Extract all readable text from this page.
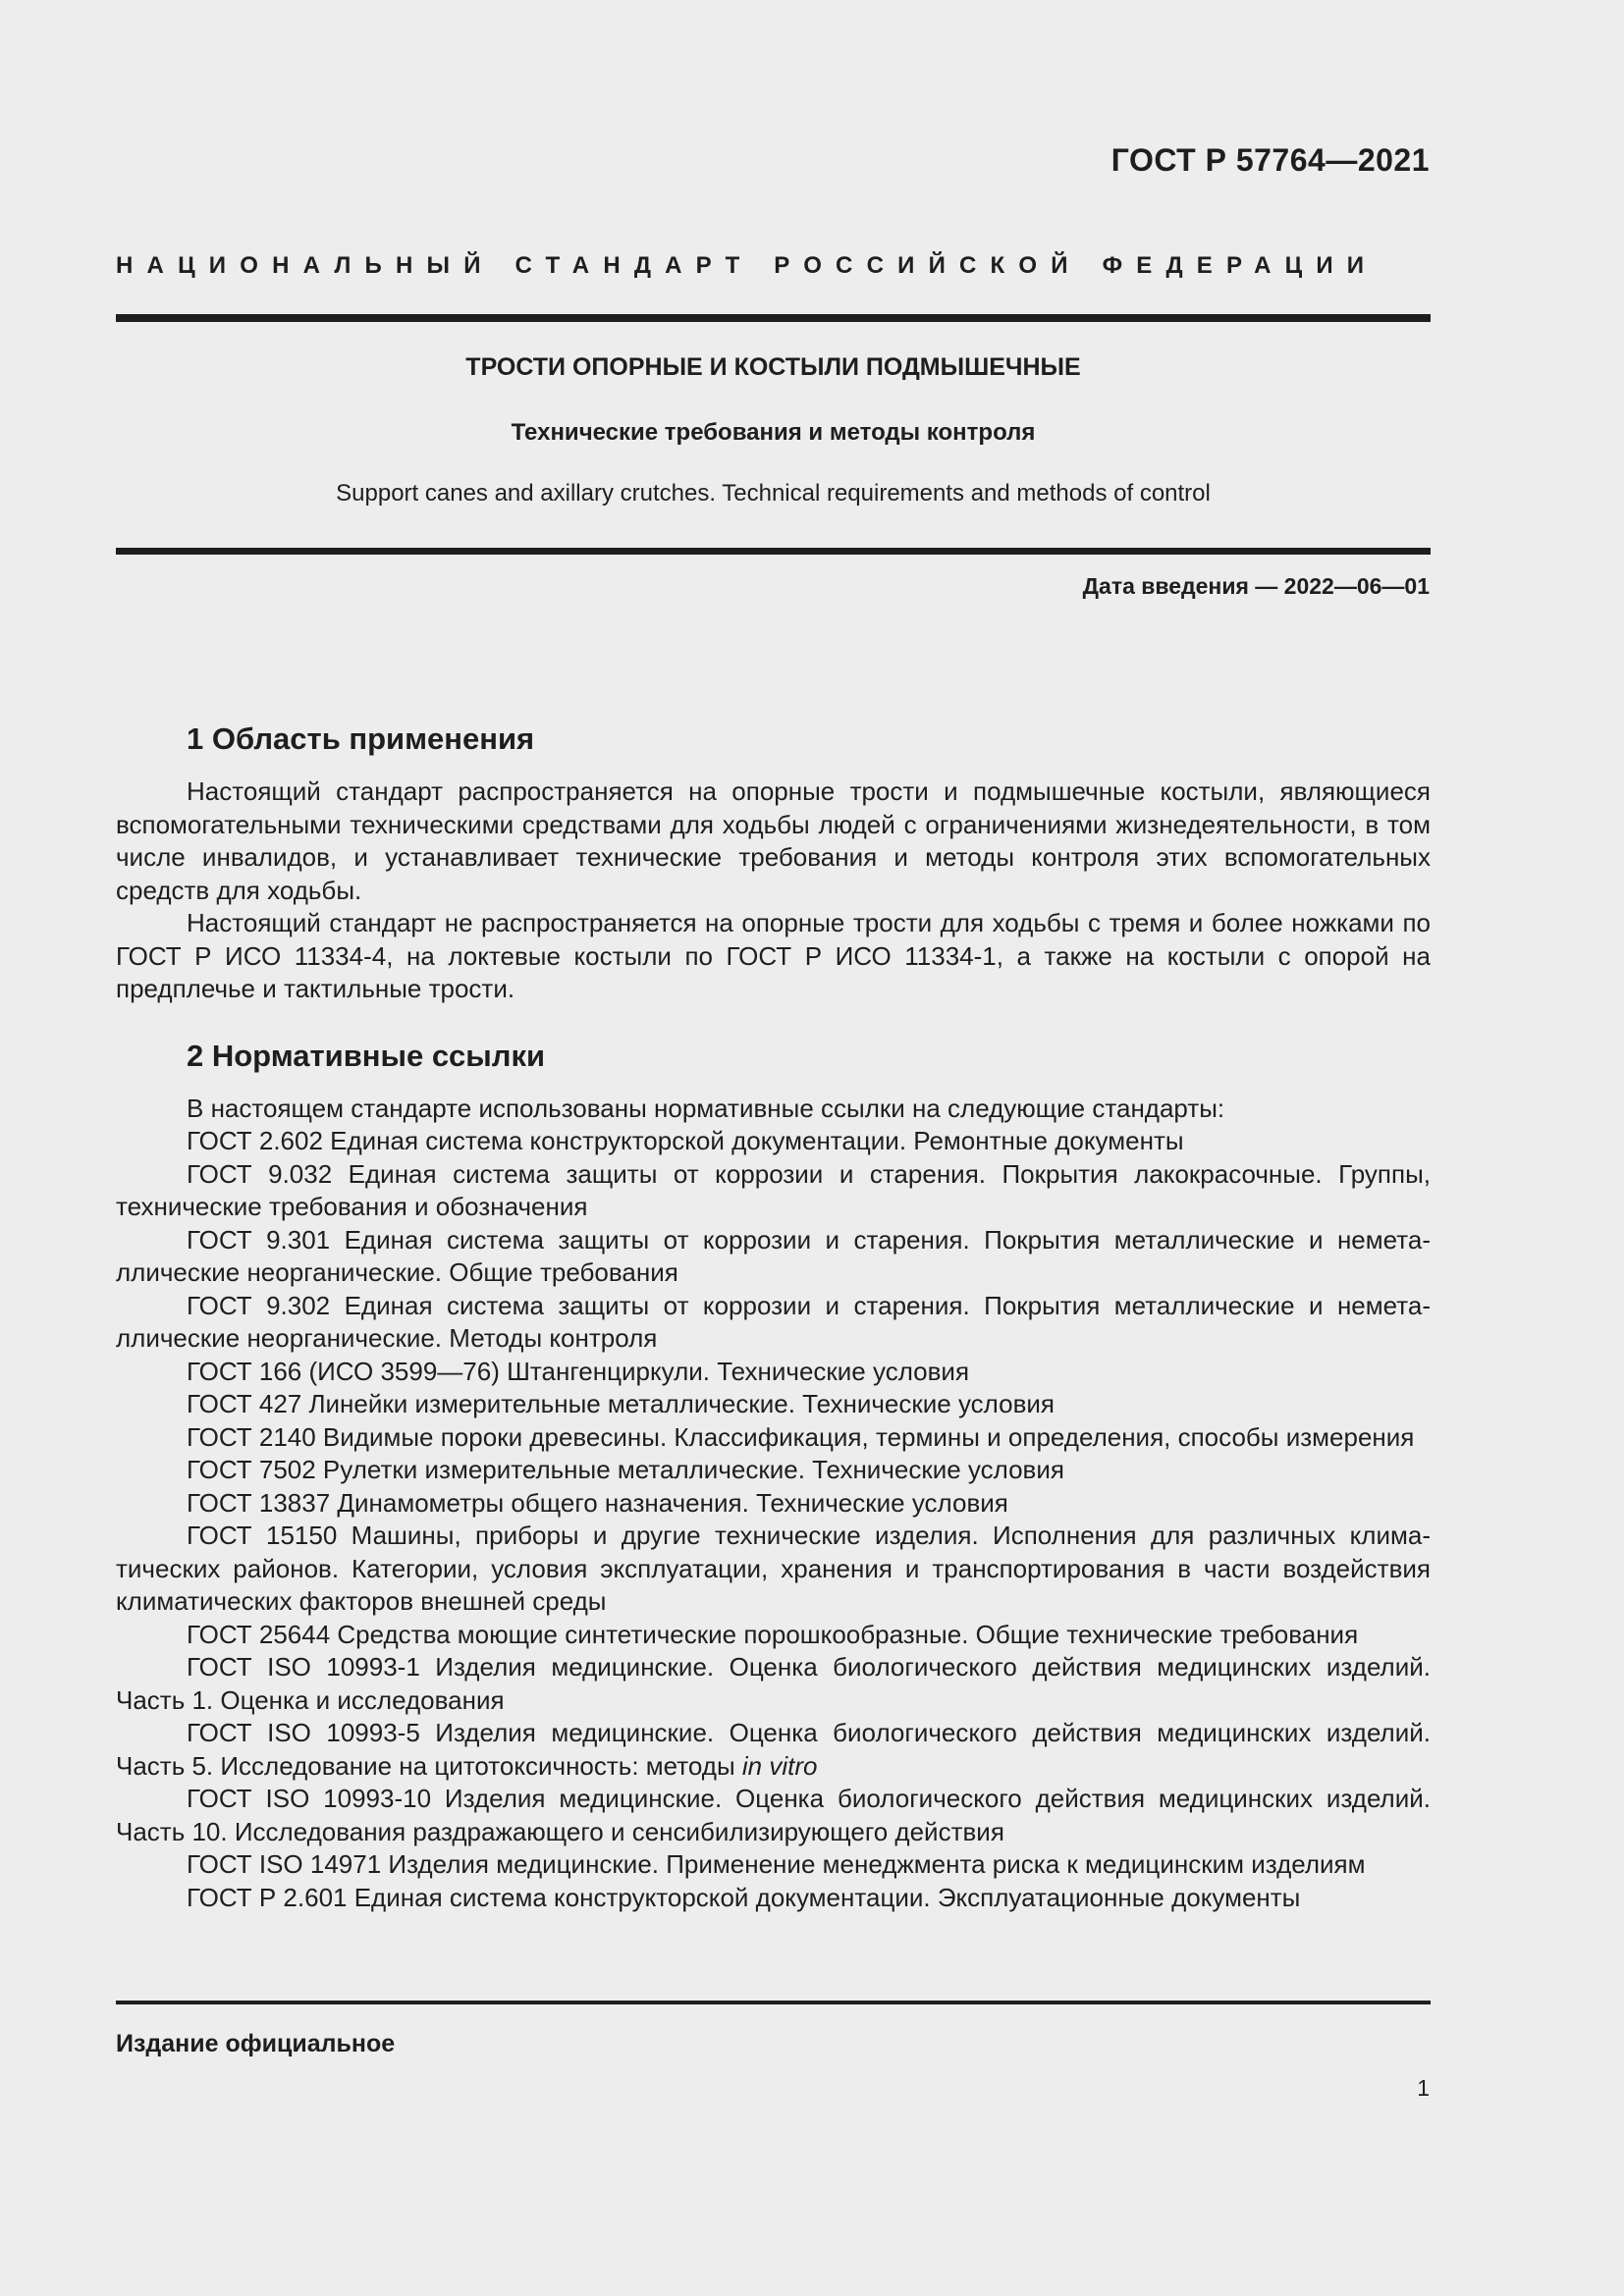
ГОСТ Р 57764—2021
НАЦИОНАЛЬНЫЙ СТАНДАРТ РОССИЙСКОЙ ФЕДЕРАЦИИ
ТРОСТИ ОПОРНЫЕ И КОСТЫЛИ ПОДМЫШЕЧНЫЕ
Технические требования и методы контроля
Support canes and axillary crutches. Technical requirements and methods of control
Дата введения — 2022—06—01
1 Область применения

Настоящий стандарт распространяется на опорные трости и подмышечные костыли, являющиеся вспомогательными техническими средствами для ходьбы людей с ограничениями жизнедеятельности, в том числе инвалидов, и устанавливает технические требования и методы контроля этих вспомогательных средств для ходьбы.

Настоящий стандарт не распространяется на опорные трости для ходьбы с тремя и более ножками по ГОСТ Р ИСО 11334-4, на локтевые костыли по ГОСТ Р ИСО 11334-1, а также на костыли с опорой на предплечье и тактильные трости.

2 Нормативные ссылки

В настоящем стандарте использованы нормативные ссылки на следующие стандарты:

ГОСТ 2.602 Единая система конструкторской документации. Ремонтные документы

ГОСТ 9.032 Единая система защиты от коррозии и старения. Покрытия лакокрасочные. Группы, технические требования и обозначения

ГОСТ 9.301 Единая система защиты от коррозии и старения. Покрытия металлические и неметаллические неорганические. Общие требования

ГОСТ 9.302 Единая система защиты от коррозии и старения. Покрытия металлические и неметаллические неорганические. Методы контроля

ГОСТ 166 (ИСО 3599—76) Штангенциркули. Технические условия

ГОСТ 427 Линейки измерительные металлические. Технические условия

ГОСТ 2140 Видимые пороки древесины. Классификация, термины и определения, способы измерения

ГОСТ 7502 Рулетки измерительные металлические. Технические условия

ГОСТ 13837 Динамометры общего назначения. Технические условия

ГОСТ 15150 Машины, приборы и другие технические изделия. Исполнения для различных климатических районов. Категории, условия эксплуатации, хранения и транспортирования в части воздействия климатических факторов внешней среды

ГОСТ 25644 Средства моющие синтетические порошкообразные. Общие технические требования

ГОСТ ISO 10993-1 Изделия медицинские. Оценка биологического действия медицинских изделий. Часть 1. Оценка и исследования

ГОСТ ISO 10993-5 Изделия медицинские. Оценка биологического действия медицинских изделий. Часть 5. Исследование на цитотоксичность: методы in vitro

ГОСТ ISO 10993-10 Изделия медицинские. Оценка биологического действия медицинских изделий. Часть 10. Исследования раздражающего и сенсибилизирующего действия

ГОСТ ISO 14971 Изделия медицинские. Применение менеджмента риска к медицинским изделиям

ГОСТ Р 2.601 Единая система конструкторской документации. Эксплуатационные документы

Издание официальное
1
